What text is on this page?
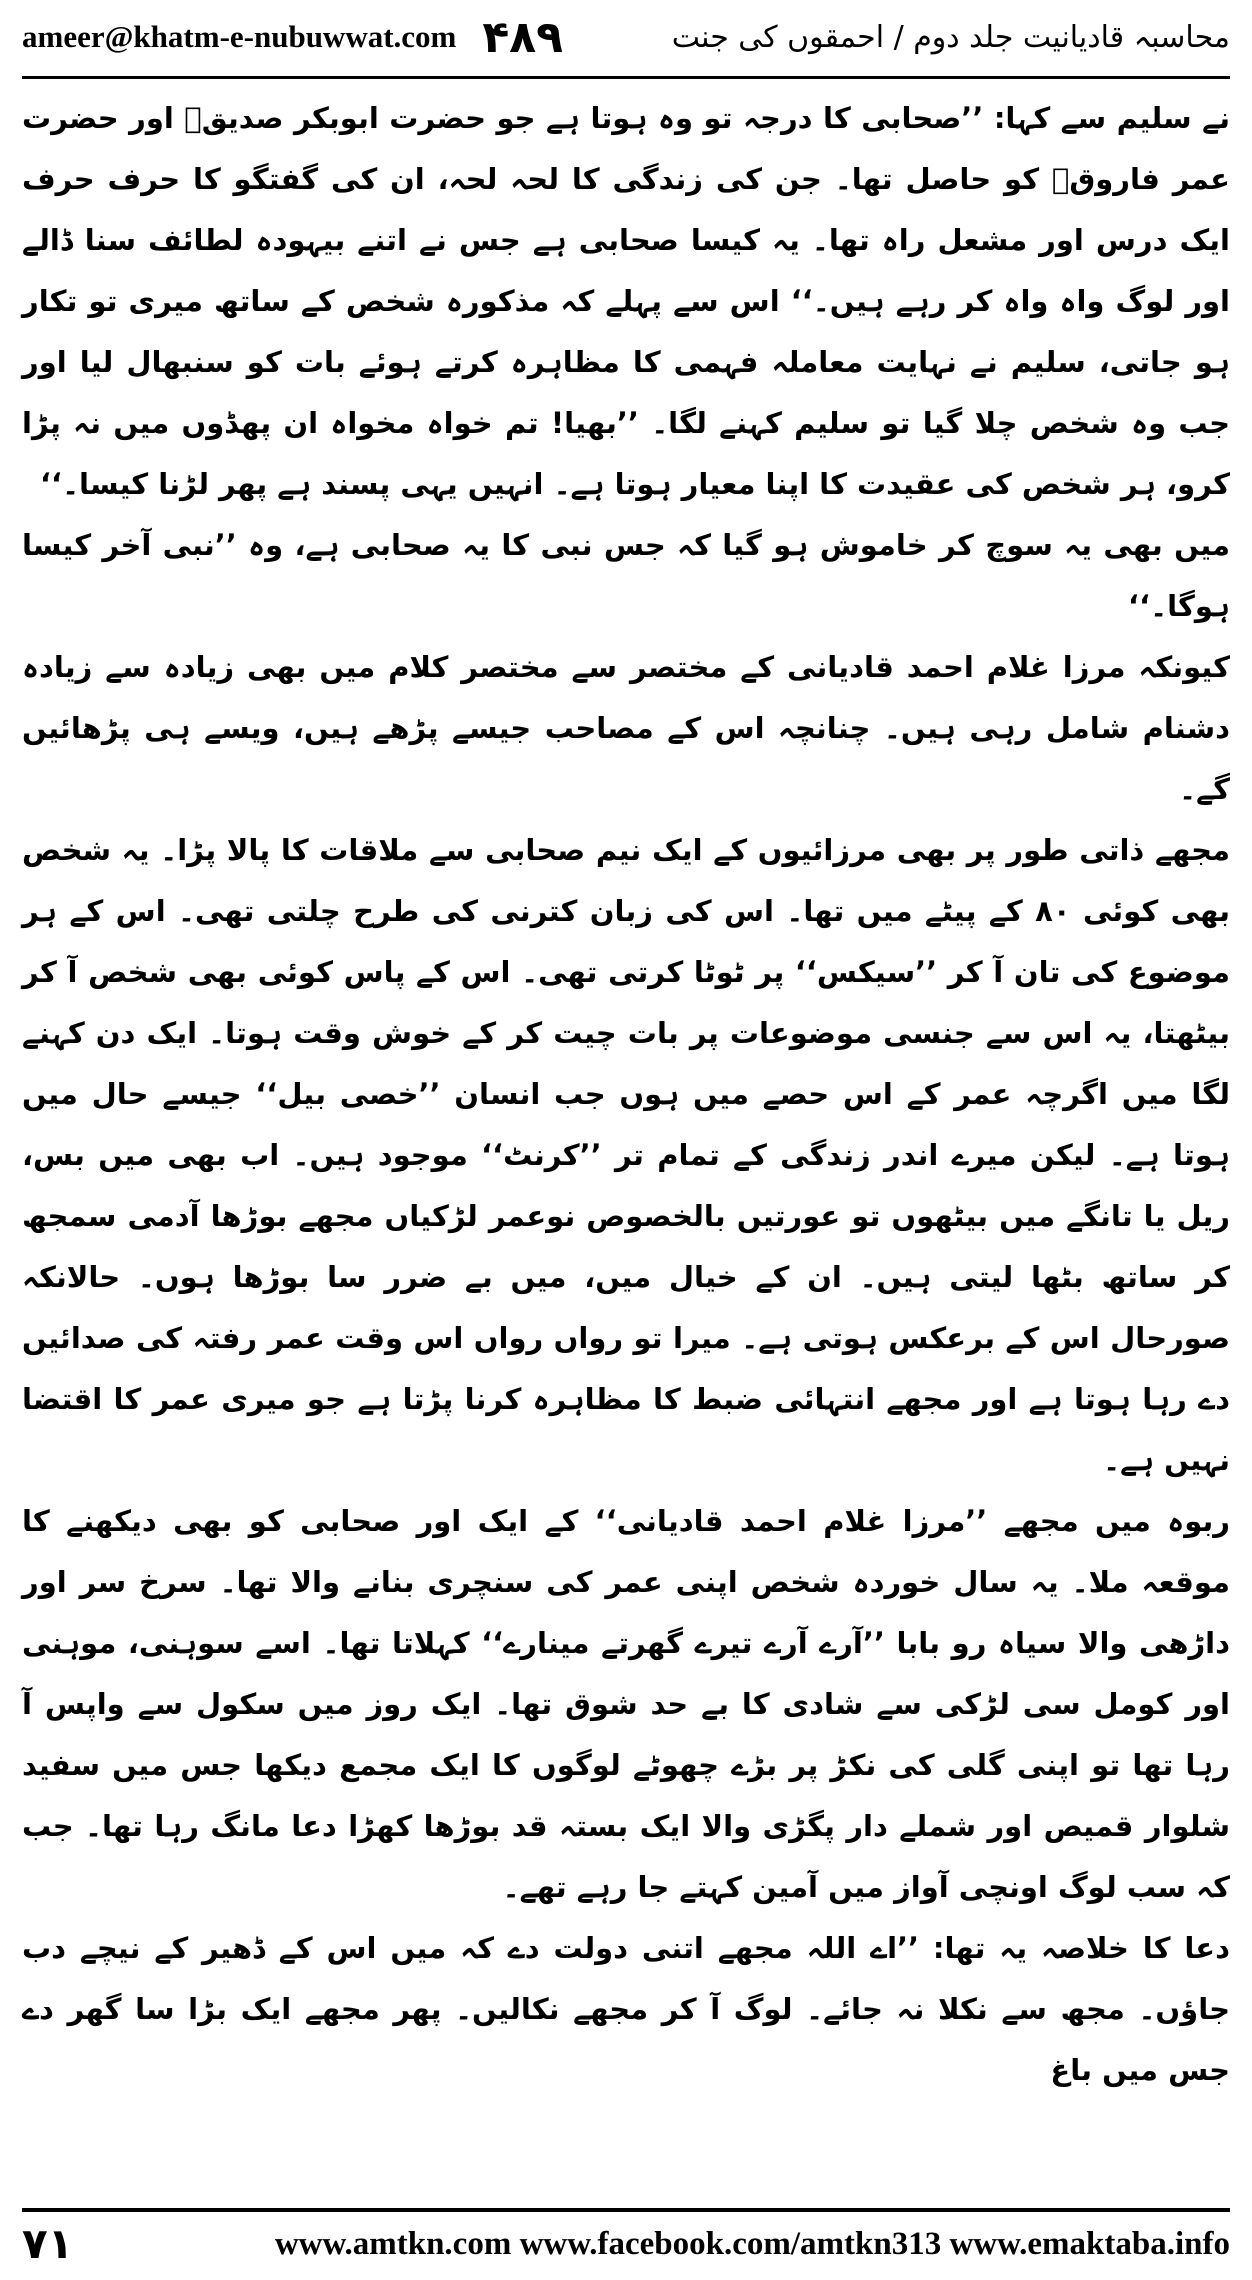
ameer@khatm-e-nubuwwat.com ۴۸۹	محاسبہ قادیانیت جلد دوم / احمقوں کی جنت

نے سلیم سے کہا: ’’صحابی کا درجہ تو وہ ہوتا ہے جو حضرت ابوبکر صدیقؓ اور حضرت عمر فاروقؓ کو حاصل تھا۔ جن کی زندگی کا لحہ لحہ، ان کی گفتگو کا حرف حرف ایک درس اور مشعل راہ تھا۔ یہ کیسا صحابی ہے جس نے اتنے بیہودہ لطائف سنا ڈالے اور لوگ واہ واہ کر رہے ہیں۔‘‘ اس سے پہلے کہ مذکورہ شخص کے ساتھ میری تو تکار ہو جاتی، سلیم نے نہایت معاملہ فہمی کا مظاہرہ کرتے ہوئے بات کو سنبھال لیا اور جب وہ شخص چلا گیا تو سلیم کہنے لگا۔ ’’بھیا! تم خواہ مخواہ ان پھڈوں میں نہ پڑا کرو، ہر شخص کی عقیدت کا اپنا معیار ہوتا ہے۔ انہیں یہی پسند ہے پھر لڑنا کیسا۔‘‘

میں بھی یہ سوچ کر خاموش ہو گیا کہ جس نبی کا یہ صحابی ہے، وہ ’’نبی آخر کیسا ہوگا۔‘‘

کیونکہ مرزا غلام احمد قادیانی کے مختصر سے مختصر کلام میں بھی زیادہ سے زیادہ دشنام شامل رہی ہیں۔ چنانچہ اس کے مصاحب جیسے پڑھے ہیں، ویسے ہی پڑھائیں گے۔

مجھے ذاتی طور پر بھی مرزائیوں کے ایک نیم صحابی سے ملاقات کا پالا پڑا۔ یہ شخص بھی کوئی ۸۰ کے پیٹے میں تھا۔ اس کی زبان کترنی کی طرح چلتی تھی۔ اس کے ہر موضوع کی تان آ کر ’’سیکس‘‘ پر ٹوٹا کرتی تھی۔ اس کے پاس کوئی بھی شخص آ کر بیٹھتا، یہ اس سے جنسی موضوعات پر بات چیت کر کے خوش وقت ہوتا۔ ایک دن کہنے لگا میں اگرچہ عمر کے اس حصے میں ہوں جب انسان ’’خصی بیل‘‘ جیسے حال میں ہوتا ہے۔ لیکن میرے اندر زندگی کے تمام تر ’’کرنٹ‘‘ موجود ہیں۔ اب بھی میں بس، ریل یا تانگے میں بیٹھوں تو عورتیں بالخصوص نوعمر لڑکیاں مجھے بوڑھا آدمی سمجھ کر ساتھ بٹھا لیتی ہیں۔ ان کے خیال میں، میں بے ضرر سا بوڑھا ہوں۔ حالانکہ صورحال اس کے برعکس ہوتی ہے۔ میرا تو رواں رواں اس وقت عمر رفتہ کی صدائیں دے رہا ہوتا ہے اور مجھے انتہائی ضبط کا مظاہرہ کرنا پڑتا ہے جو میری عمر کا اقتضا نہیں ہے۔

ربوہ میں مجھے ’’مرزا غلام احمد قادیانی‘‘ کے ایک اور صحابی کو بھی دیکھنے کا موقعہ ملا۔ یہ سال خوردہ شخص اپنی عمر کی سنچری بنانے والا تھا۔ سرخ سر اور داڑھی والا سیاہ رو بابا ’’آرے آرے تیرے گھرتے مینارے‘‘ کہلاتا تھا۔ اسے سوہنی، موہنی اور کومل سی لڑکی سے شادی کا بے حد شوق تھا۔ ایک روز میں سکول سے واپس آ رہا تھا تو اپنی گلی کی نکڑ پر بڑے چھوٹے لوگوں کا ایک مجمع دیکھا جس میں سفید شلوار قمیص اور شملے دار پگڑی والا ایک بستہ قد بوڑھا کھڑا دعا مانگ رہا تھا۔ جب کہ سب لوگ اونچی آواز میں آمین کہتے جا رہے تھے۔

دعا کا خلاصہ یہ تھا: ’’اے اللہ مجھے اتنی دولت دے کہ میں اس کے ڈھیر کے نیچے دب جاؤں۔ مجھ سے نکلا نہ جائے۔ لوگ آ کر مجھے نکالیں۔ پھر مجھے ایک بڑا سا گھر دے جس میں باغ

۷۱	www.amtkn.com www.facebook.com/amtkn313 www.emaktaba.info
